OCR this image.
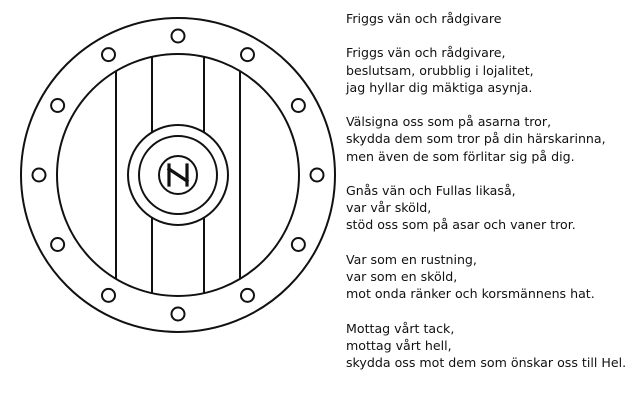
Friggs vän och rådgivare
Friggs vän och rådgivare,
beslutsam, orubblig i lojalitet,
jag hyllar dig mäktiga asynja.
Välsigna oss som på asarna tror,
skydda dem som tror på din härskarinna,
men även de som förlitar sig på dig.
Gnås vän och Fullas likaså,
var vår sköld,
stöd oss som på asar och vaner tror.
Var som en rustning,
var som en sköld,
mot onda ränker och korsmännens hat.
Mottag vårt tack,
mottag vårt hell,
skydda oss mot dem som önskar oss till Hel.
